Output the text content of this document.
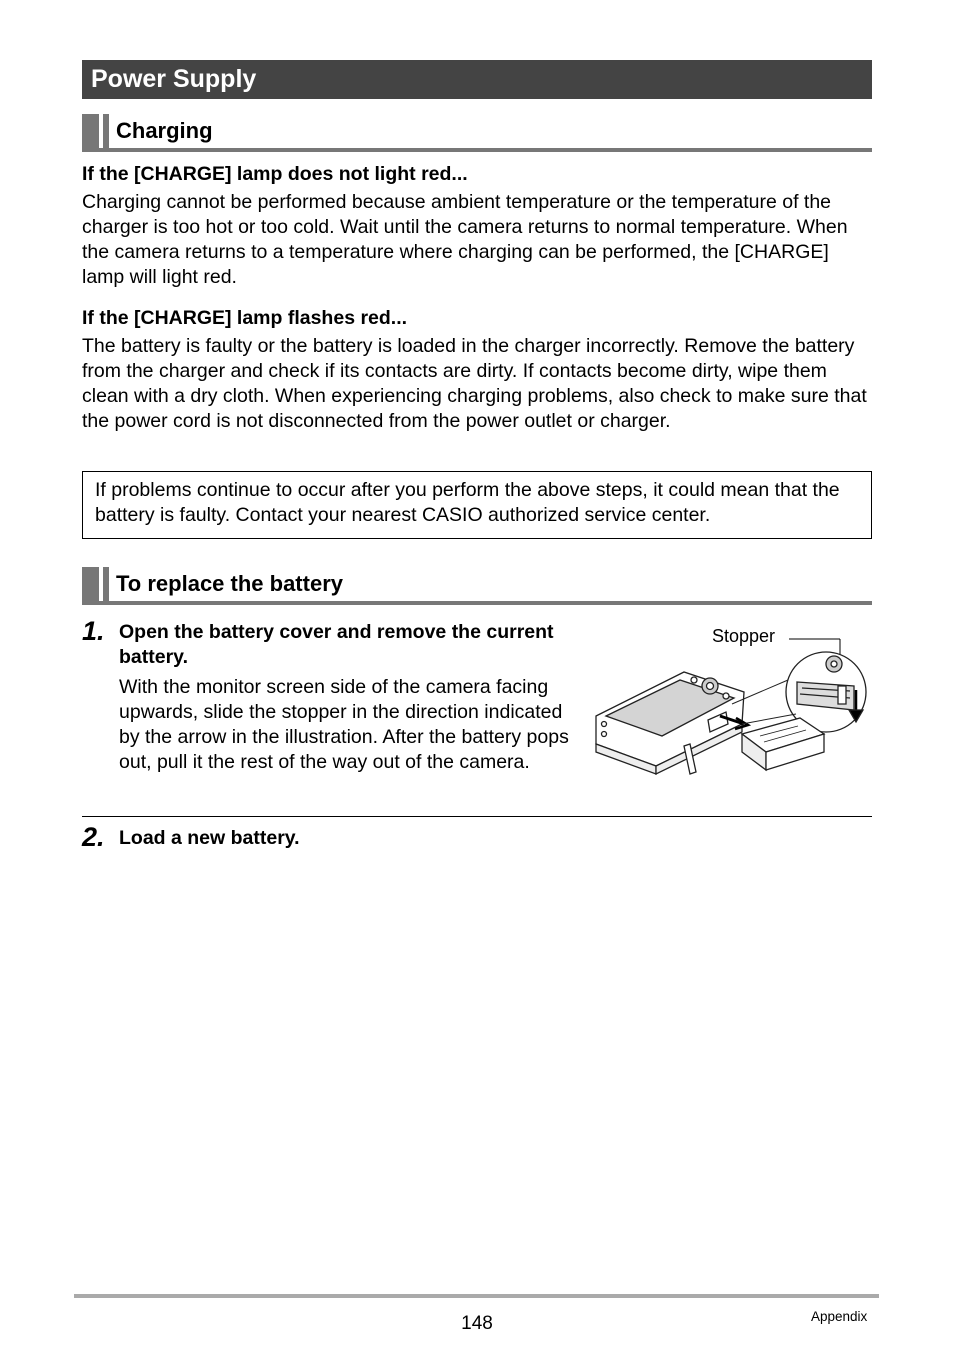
Power Supply
Charging
If the [CHARGE] lamp does not light red...
Charging cannot be performed because ambient temperature or the temperature of the charger is too hot or too cold. Wait until the camera returns to normal temperature. When the camera returns to a temperature where charging can be performed, the [CHARGE] lamp will light red.
If the [CHARGE] lamp flashes red...
The battery is faulty or the battery is loaded in the charger incorrectly. Remove the battery from the charger and check if its contacts are dirty. If contacts become dirty, wipe them clean with a dry cloth. When experiencing charging problems, also check to make sure that the power cord is not disconnected from the power outlet or charger.
If problems continue to occur after you perform the above steps, it could mean that the battery is faulty. Contact your nearest CASIO authorized service center.
To replace the battery
1. Open the battery cover and remove the current battery.
With the monitor screen side of the camera facing upwards, slide the stopper in the direction indicated by the arrow in the illustration. After the battery pops out, pull it the rest of the way out of the camera.
Stopper
2. Load a new battery.
148	Appendix
